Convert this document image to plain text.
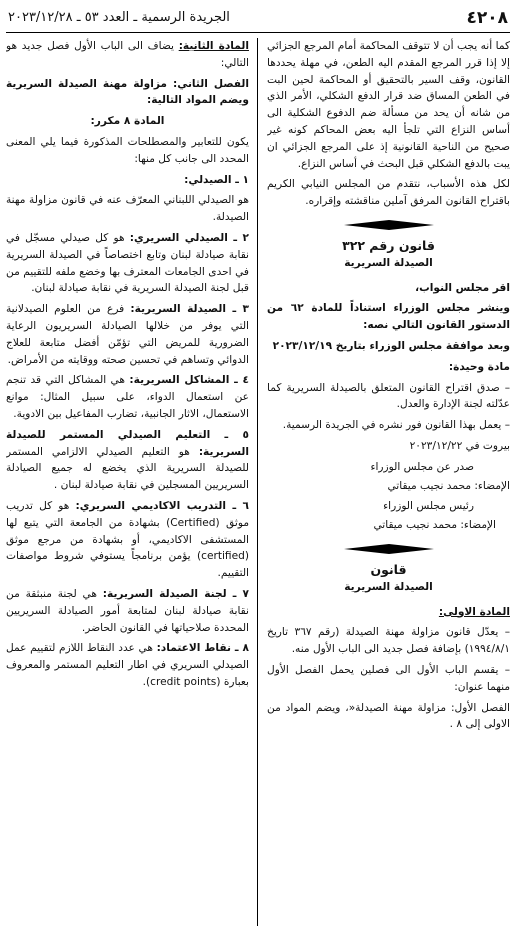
٤٢٠٨
الجريدة الرسمية ـ العدد ٥٣ ـ ٢٠٢٣/١٢/٢٨

كما أنه يجب أن لا تتوقف المحاكمة أمام المرجع الجزائي إلا إذا قرر المرجع المقدم اليه الطعن، في مهلة يحددها القانون، وقف السير بالتحقيق أو المحاكمة لحين البت في الطعن المساق ضد قرار الدفع الشكلي، الأمر الذي من شانه أن يحد من مسألة ضم الدفوع الشكلية الى أساس النزاع التي تلجأ اليه بعض المحاكم كونه غير صحيح من الناحية القانونية إذ على المرجع الجزائي ان يبت بالدفع الشكلي قبل البحث في أساس النزاع.

لكل هذه الأسباب، نتقدم من المجلس النيابي الكريم باقتراح القانون المرفق آملين مناقشته وإقراره.

قانون رقم ٣٢٢

الصيدلة السريرية

اقر مجلس النواب،

وينشر مجلس الوزراء استناداً للمادة ٦٢ من الدستور القانون التالي نصه:

وبعد موافقة مجلس الوزراء بتاريخ ٢٠٢٣/١٢/١٩

مادة وحيدة:

– صدق اقتراح القانون المتعلق بالصيدلة السريرية كما عدّلته لجنة الإدارة والعدل.

– يعمل بهذا القانون فور نشره في الجريدة الرسمية.

بيروت في ٢٠٢٣/١٢/٢٢

صدر عن مجلس الوزراء

الإمضاء: محمد نجيب ميقاتي

رئيس مجلس الوزراء

الإمضاء: محمد نجيب ميقاتي

قانون

الصيدلة السريرية

المادة الاولى:

– يعدّل قانون مزاولة مهنة الصيدلة (رقم ٣٦٧ تاريخ ١٩٩٤/٨/١) بإضافة فصل جديد الى الباب الأول منه.

– يقسم الباب الأول الى فصلين يحمل الفصل الأول منهما عنوان:

الفصل الأول: مزاولة مهنة الصيدلة«، ويضم المواد من الاولى إلى ٨ .

المادة الثانية: يضاف الى الباب الأول فصل جديد هو التالي:

الفصل الثاني: مزاولة مهنة الصيدلة السريرية ويضم المواد التالية:

المادة ٨ مكرر:

يكون للتعابير والمصطلحات المذكورة فيما يلي المعنى المحدد الى جانب كل منها:

١ ـ الصيدلي:

هو الصيدلي اللبناني المعرّف عنه في قانون مزاولة مهنة الصيدلة.

٢ ـ الصيدلي السريري: هو كل صيدلي مسجّل في نقابة صيادلة لبنان وتابع اختصاصاً في الصيدلة السريرية في احدى الجامعات المعترف بها وخضع ملفه للتقييم من قبل لجنة الصيدلة السريرية في نقابة صيادلة لبنان.

٣ ـ الصيدلة السريرية: فرع من العلوم الصيدلانية التي يوفر من خلالها الصيادلة السريريون الرعاية الضرورية للمريض التي تؤمّن أفضل متابعة للعلاج الدوائي وتساهم في تحسين صحته ووقايته من الأمراض.

٤ ـ المشاكل السريرية: هي المشاكل التي قد تنجم عن استعمال الدواء، على سبيل المثال: موانع الاستعمال، الاثار الجانبية، تضارب المفاعيل بين الادوية.

٥ ـ التعليم الصيدلي المستمر للصيدلة السريرية: هو التعليم الصيدلي الالزامي المستمر للصيدلة السريرية الذي يخضع له جميع الصيادلة السريريين المسجلين في نقابة صيادلة لبنان .

٦ ـ التدريب الاكاديمي السريري: هو كل تدريب موثق (Certified) بشهادة من الجامعة التي يتبع لها المستشفى الاكاديمي، أو بشهادة من مرجع موثق (certified) يؤمن برنامجاً يستوفي شروط مواصفات التقييم.

٧ ـ لجنة الصيدلة السريرية: هي لجنة منبثقة من نقابة صيادلة لبنان لمتابعة أمور الصيادلة السريريين المحددة صلاحياتها في القانون الحاضر.

٨ ـ نقاط الاعتماد: هي عدد النقاط اللازم لتقييم عمل الصيدلي السريري في اطار التعليم المستمر والمعروف بعبارة (credit points).
